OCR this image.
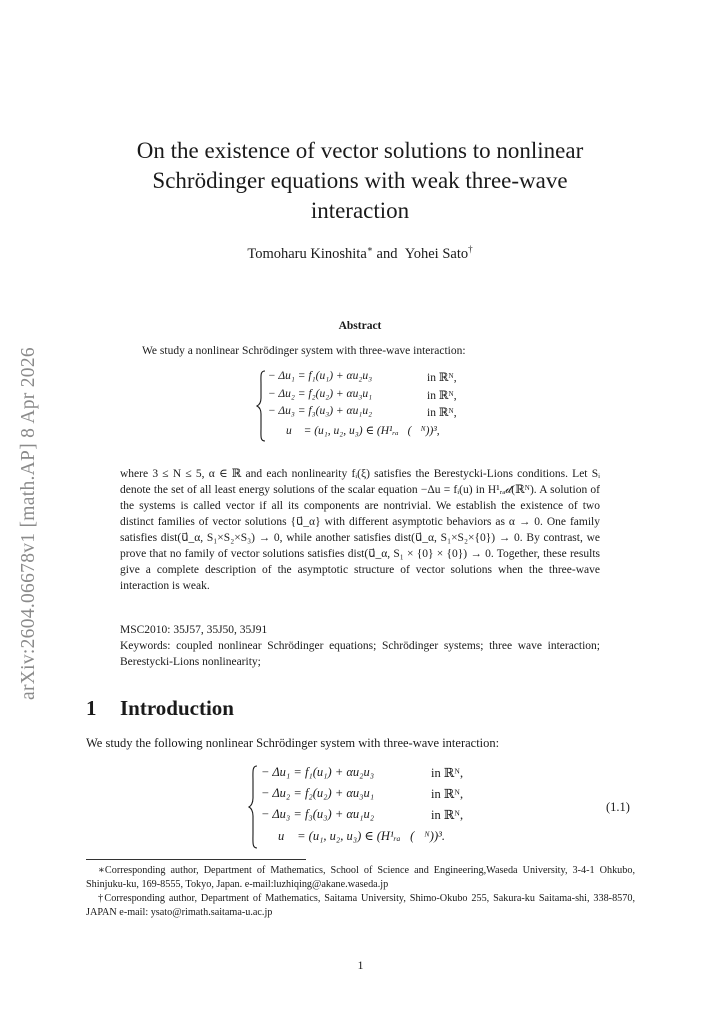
arXiv:2604.06678v1 [math.AP] 8 Apr 2026
On the existence of vector solutions to nonlinear
Schrödinger equations with weak three-wave
interaction
Tomoharu Kinoshita∗ and Yohei Sato†
Abstract
We study a nonlinear Schrödinger system with three-wave interaction:
− Δu₁ = f₁(u₁) + αu₂u₃	in ℝᴺ,
− Δu₂ = f₂(u₂) + αu₃u₁	in ℝᴺ,
− Δu₃ = f₃(u₃) + αu₁u₂	in ℝᴺ,
u⃗ = (u₁, u₂, u₃) ∈ (H¹ᵣₐ𝒹(ℝᴺ))³,

where 3 ≤ N ≤ 5, α ∈ ℝ and each nonlinearity fᵢ(ξ) satisfies the Berestycki-Lions conditions. Let Sᵢ denote the set of all least energy solutions of the scalar equation −Δu = fᵢ(u) in H¹ᵣₐ𝒹(ℝᴺ). A solution of the systems is called vector if all its components are nontrivial. We establish the existence of two distinct families of vector solutions {u⃗_α} with different asymptotic behaviors as α → 0. One family satisfies dist(u⃗_α, S₁×S₂×S₃) → 0, while another satisfies dist(u⃗_α, S₁×S₂×{0}) → 0. By contrast, we prove that no family of vector solutions satisfies dist(u⃗_α, S₁ × {0} × {0}) → 0. Together, these results give a complete description of the asymptotic structure of vector solutions when the three-wave interaction is weak.

MSC2010: 35J57, 35J50, 35J91
Keywords: coupled nonlinear Schrödinger equations; Schrödinger systems; three wave interaction; Berestycki-Lions nonlinearity;
1 Introduction
We study the following nonlinear Schrödinger system with three-wave interaction:
− Δu₁ = f₁(u₁) + αu₂u₃	in ℝᴺ,
− Δu₂ = f₂(u₂) + αu₃u₁	in ℝᴺ,
− Δu₃ = f₃(u₃) + αu₁u₂	in ℝᴺ,
u⃗ = (u₁, u₂, u₃) ∈ (H¹ᵣₐ𝒹(ℝᴺ))³.
(1.1)

∗Corresponding author, Department of Mathematics, School of Science and Engineering,Waseda University, 3-4-1 Ohkubo, Shinjuku-ku, 169-8555, Tokyo, Japan. e-mail:luzhiqing@akane.waseda.jp

†Corresponding author, Department of Mathematics, Saitama University, Shimo-Okubo 255, Sakura-ku Saitama-shi, 338-8570, JAPAN e-mail: ysato@rimath.saitama-u.ac.jp

1
